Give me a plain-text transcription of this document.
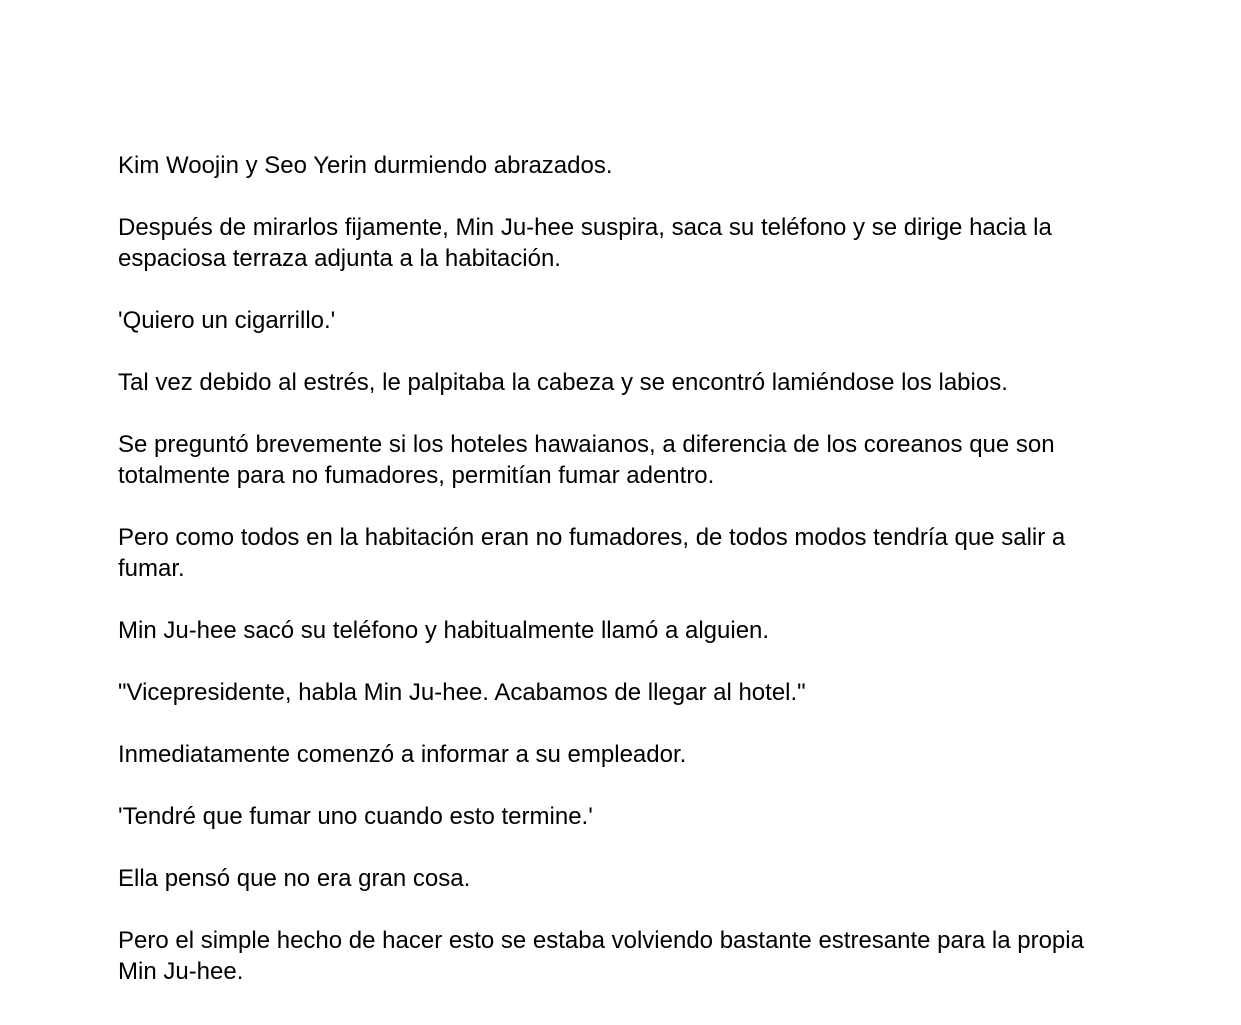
Kim Woojin y Seo Yerin durmiendo abrazados.

Después de mirarlos fijamente, Min Ju-hee suspira, saca su teléfono y se dirige hacia la espaciosa terraza adjunta a la habitación.

'Quiero un cigarrillo.'

Tal vez debido al estrés, le palpitaba la cabeza y se encontró lamiéndose los labios.

Se preguntó brevemente si los hoteles hawaianos, a diferencia de los coreanos que son totalmente para no fumadores, permitían fumar adentro.

Pero como todos en la habitación eran no fumadores, de todos modos tendría que salir a fumar.

Min Ju-hee sacó su teléfono y habitualmente llamó a alguien.

"Vicepresidente, habla Min Ju-hee. Acabamos de llegar al hotel."

Inmediatamente comenzó a informar a su empleador.

'Tendré que fumar uno cuando esto termine.'

Ella pensó que no era gran cosa.

Pero el simple hecho de hacer esto se estaba volviendo bastante estresante para la propia Min Ju-hee.
